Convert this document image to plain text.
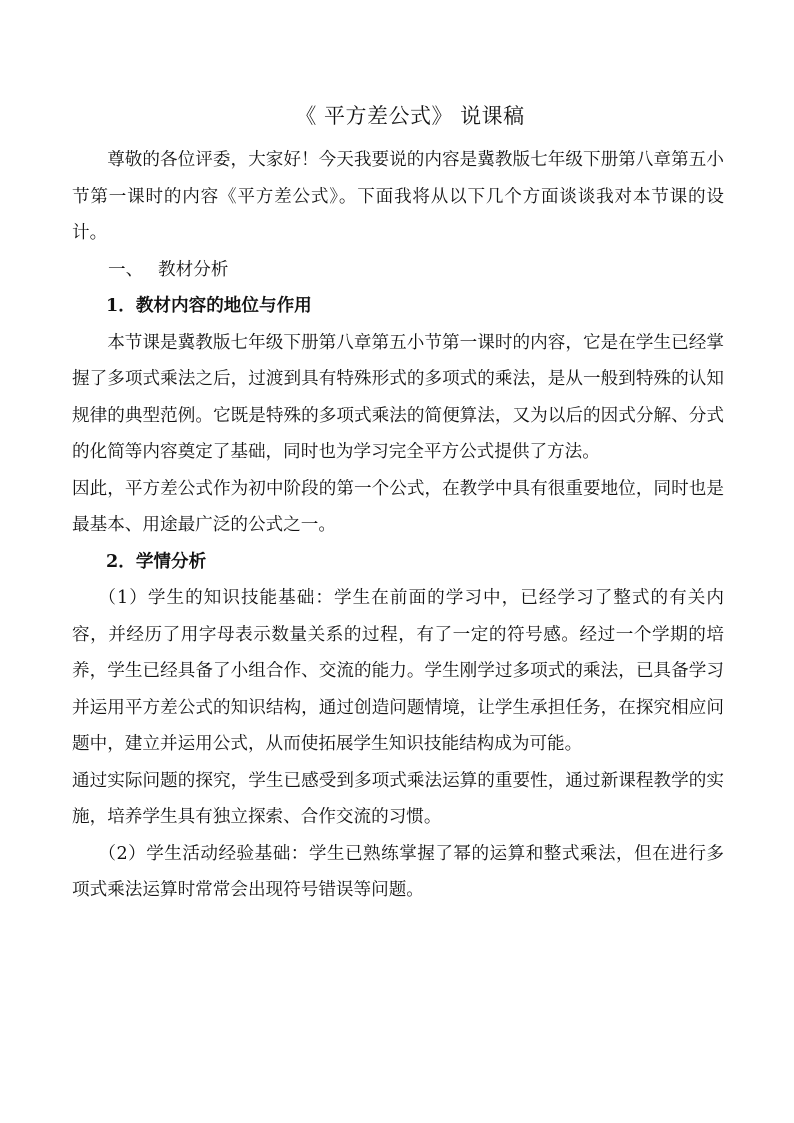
《 平方差公式》 说课稿

尊敬的各位评委，大家好！今天我要说的内容是冀教版七年级下册第八章第五小节第一课时的内容《平方差公式》。下面我将从以下几个方面谈谈我对本节课的设计。

一、 教材分析

1．教材内容的地位与作用

本节课是冀教版七年级下册第八章第五小节第一课时的内容，它是在学生已经掌握了多项式乘法之后，过渡到具有特殊形式的多项式的乘法，是从一般到特殊的认知规律的典型范例。它既是特殊的多项式乘法的简便算法，又为以后的因式分解、分式的化简等内容奠定了基础，同时也为学习完全平方公式提供了方法。

因此，平方差公式作为初中阶段的第一个公式，在教学中具有很重要地位，同时也是最基本、用途最广泛的公式之一。

2．学情分析

（1）学生的知识技能基础：学生在前面的学习中，已经学习了整式的有关内容，并经历了用字母表示数量关系的过程，有了一定的符号感。经过一个学期的培养，学生已经具备了小组合作、交流的能力。学生刚学过多项式的乘法，已具备学习并运用平方差公式的知识结构，通过创造问题情境，让学生承担任务，在探究相应问题中，建立并运用公式，从而使拓展学生知识技能结构成为可能。

通过实际问题的探究，学生已感受到多项式乘法运算的重要性，通过新课程教学的实施，培养学生具有独立探索、合作交流的习惯。

（2）学生活动经验基础：学生已熟练掌握了幂的运算和整式乘法，但在进行多项式乘法运算时常常会出现符号错误等问题。
